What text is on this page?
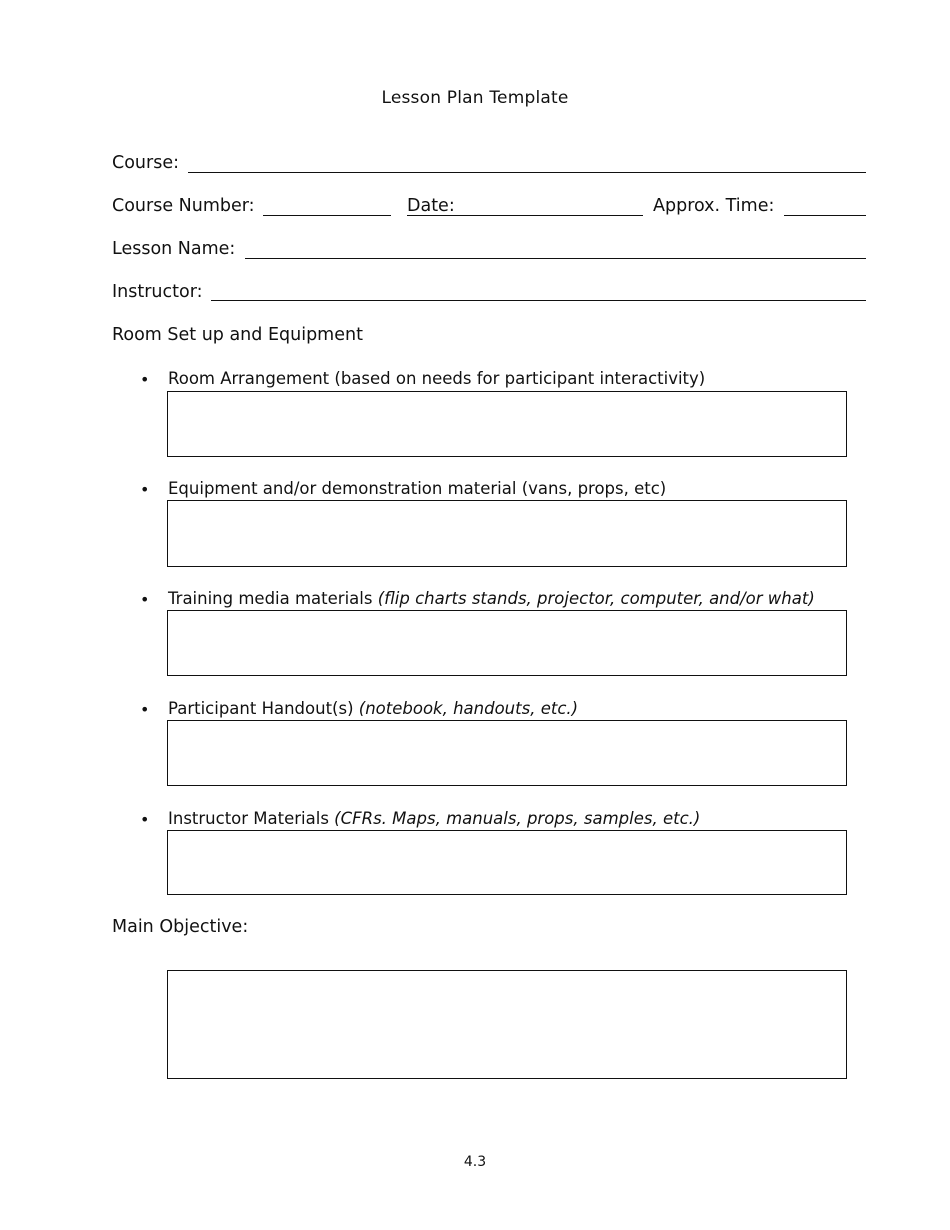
Lesson Plan Template
Course:
Course Number:	Date:	Approx. Time:
Lesson Name:
Instructor:
Room Set up and Equipment
• Room Arrangement (based on needs for participant interactivity)
• Equipment and/or demonstration material (vans, props, etc)
• Training media materials (flip charts stands, projector, computer, and/or what)
• Participant Handout(s) (notebook, handouts, etc.)
• Instructor Materials (CFRs. Maps, manuals, props, samples, etc.)
Main Objective:
4.3
